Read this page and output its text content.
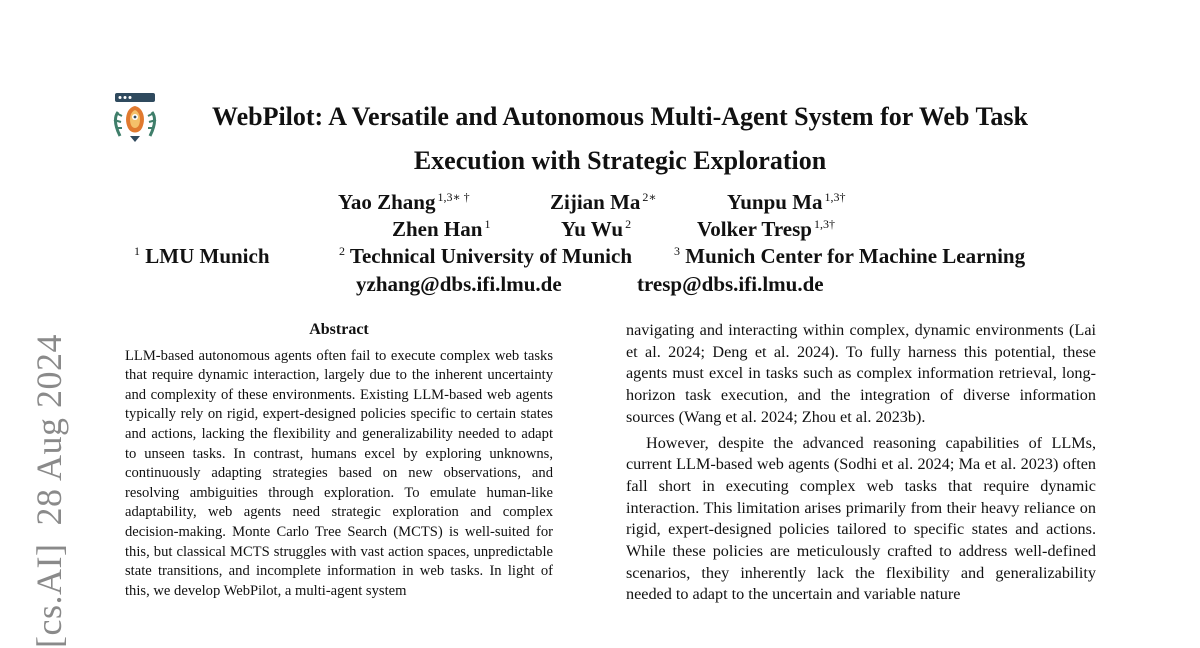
[cs.AI]28 Aug 2024
WebPilot: A Versatile and Autonomous Multi-Agent System for Web Task
Execution with Strategic Exploration
Yao Zhang $^{1,3∗ \dagger}$	Zijian Ma $^{2∗}$	Yunpu Ma $^{1,3\dagger}$
Zhen Han $^1$	Yu Wu $^2$	Volker Tresp $^{1,3\dagger}$
$^1$ LMU Munich	$^2$ Technical University of Munich	$^3$ Munich Center for Machine Learning
yzhang@dbs.ifi.lmu.de	tresp@dbs.ifi.lmu.de
Abstract

LLM-based autonomous agents often fail to execute complex web tasks that require dynamic interaction, largely due to the inherent uncertainty and complexity of these environments. Existing LLM-based web agents typically rely on rigid, expert-designed policies specific to certain states and actions, lacking the flexibility and generalizability needed to adapt to unseen tasks. In contrast, humans excel by exploring unknowns, continuously adapting strategies based on new observations, and resolving ambiguities through exploration. To emulate human-like adaptability, web agents need strategic exploration and complex decision-making. Monte Carlo Tree Search (MCTS) is well-suited for this, but classical MCTS struggles with vast action spaces, unpredictable state transitions, and incomplete information in web tasks. In light of this, we develop WebPilot, a multi-agent system

navigating and interacting within complex, dynamic environments (Lai et al. 2024; Deng et al. 2024). To fully harness this potential, these agents must excel in tasks such as complex information retrieval, long-horizon task execution, and the integration of diverse information sources (Wang et al. 2024; Zhou et al. 2023b).

However, despite the advanced reasoning capabilities of LLMs, current LLM-based web agents (Sodhi et al. 2024; Ma et al. 2023) often fall short in executing complex web tasks that require dynamic interaction. This limitation arises primarily from their heavy reliance on rigid, expert-designed policies tailored to specific states and actions. While these policies are meticulously crafted to address well-defined scenarios, they inherently lack the flexibility and generalizability needed to adapt to the uncertain and variable nature
